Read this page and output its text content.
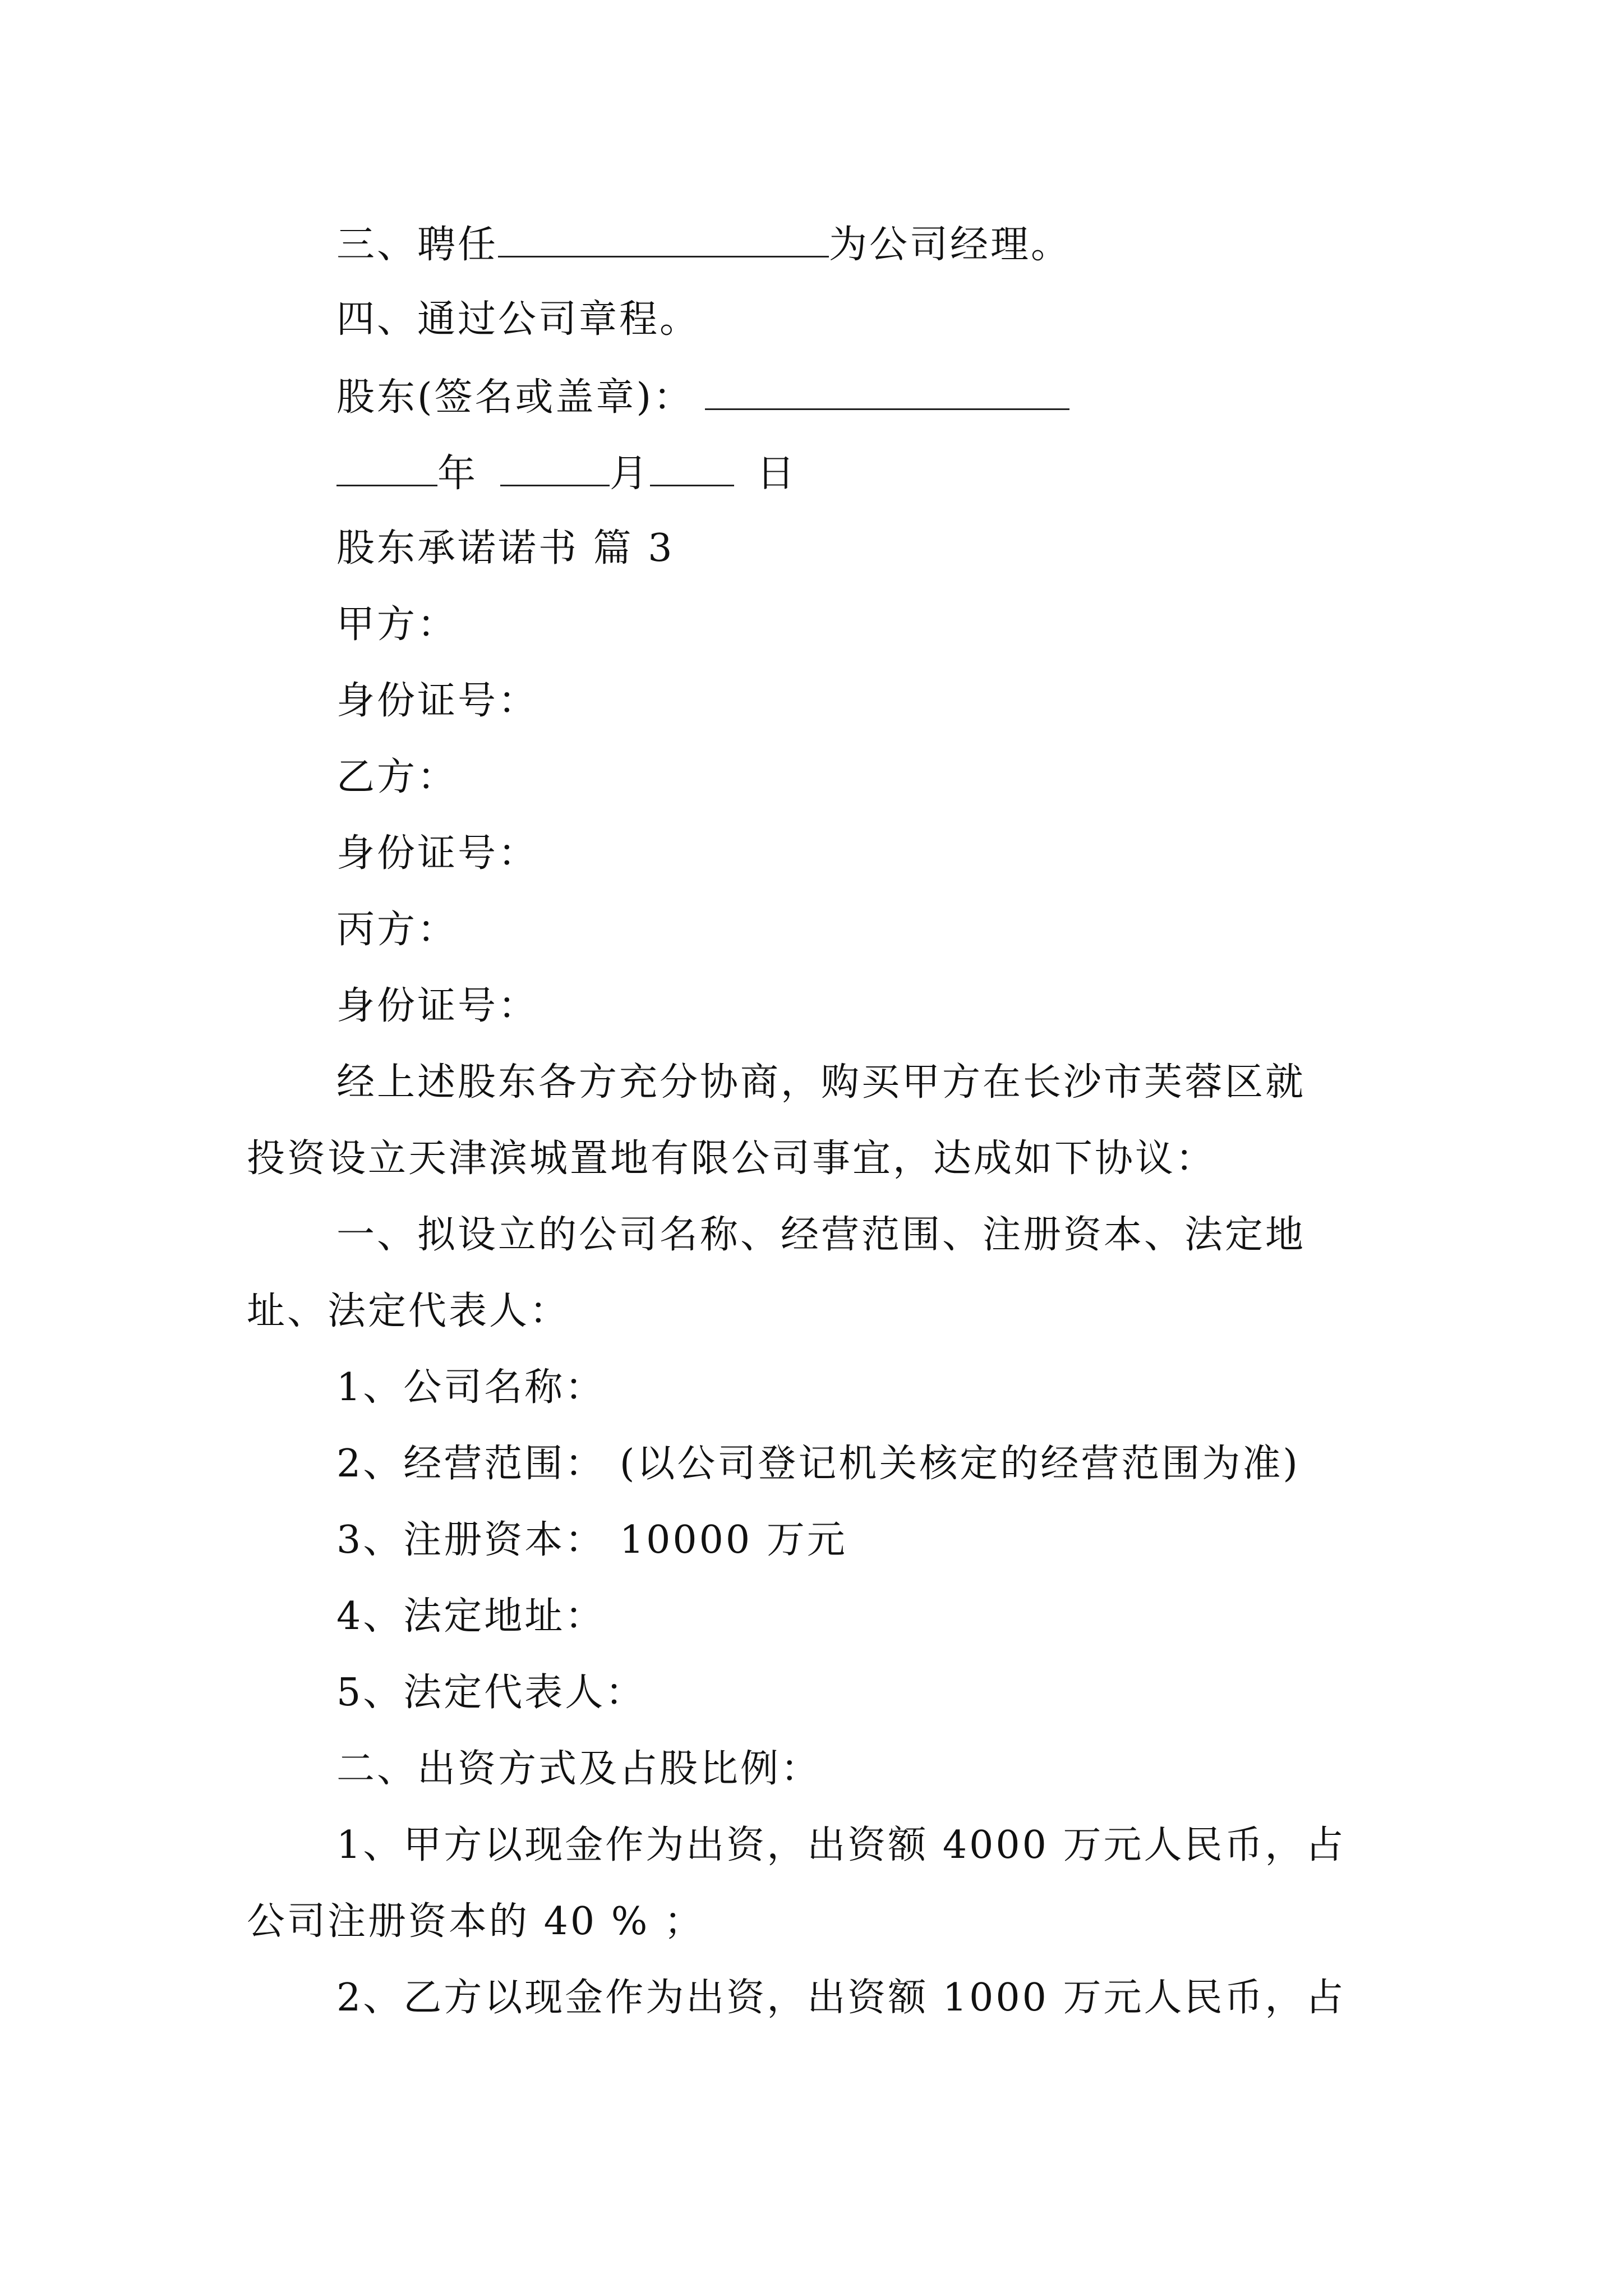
三、聘任	为公司经理。
四、通过公司章程。
股东(签名或盖章)：
年	月	日
股东承诺诺书 篇 3
甲方：
身份证号：
乙方：
身份证号：
丙方：
身份证号：
经上述股东各方充分协商，购买甲方在长沙市芙蓉区就
投资设立天津滨城置地有限公司事宜，达成如下协议：
一、拟设立的公司名称、经营范围、注册资本、法定地
址、法定代表人：
1、公司名称：
2、经营范围： (以公司登记机关核定的经营范围为准)
3、注册资本： 10000 万元
4、法定地址：
5、法定代表人：
二、出资方式及占股比例：
1、甲方以现金作为出资，出资额 4000 万元人民币，占
公司注册资本的 40 % ；
2、乙方以现金作为出资，出资额 1000 万元人民币，占
